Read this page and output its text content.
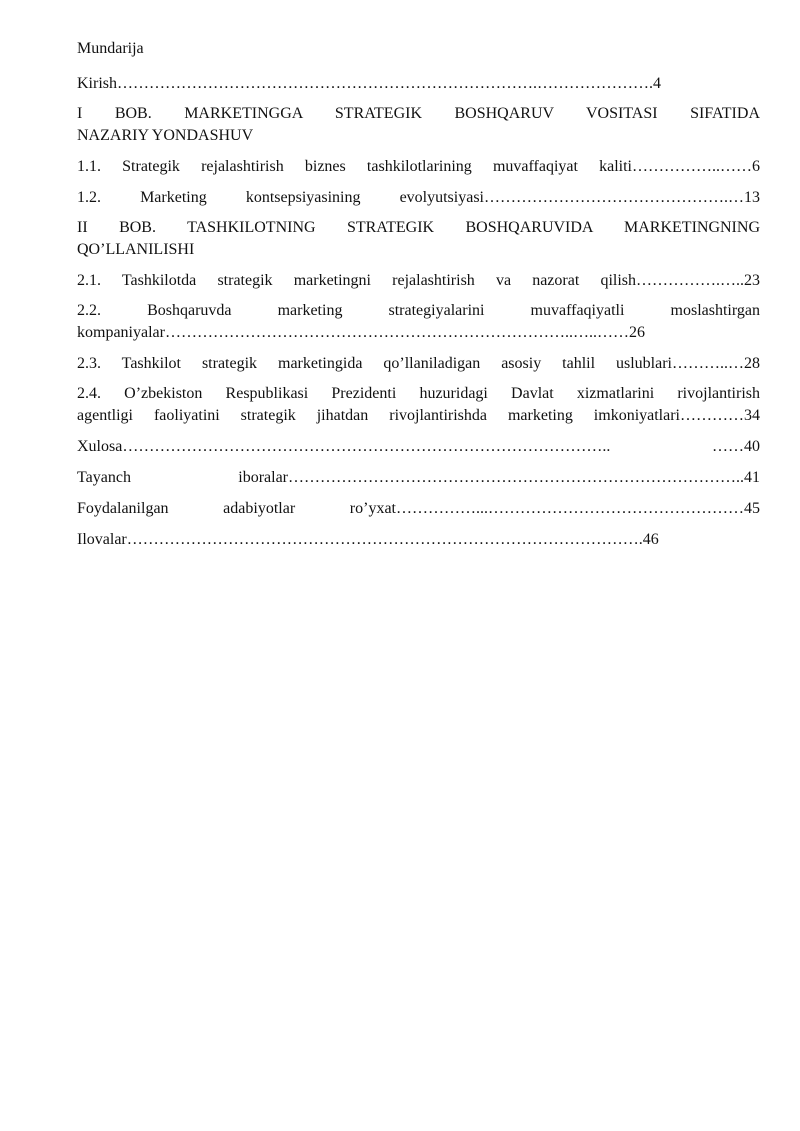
Mundarija
Kirish…………………………………………………………………….………………….4
I BOB. MARKETINGGA STRATEGIK BOSHQARUV VOSITASI SIFATIDA
NAZARIY YONDASHUV
1.1. Strategik rejalashtirish biznes tashkilotlarining muvaffaqiyat kaliti……………..……6
1.2. Marketing kontsepsiyasining evolyutsiyasi……………………………………….…13
II BOB. TASHKILOTNING STRATEGIK BOSHQARUVIDA MARKETINGNING
QO’LLANILISHI
2.1. Tashkilotda strategik marketingni rejalashtirish va nazorat qilish…………….…..23
2.2. Boshqaruvda marketing strategiyalarini muvaffaqiyatli moslashtirgan
kompaniyalar…………………………………………………………………..…..……26
2.3. Tashkilot strategik marketingida qo’llaniladigan asosiy tahlil uslublari………..…28
2.4. O’zbekiston Respublikasi Prezidenti huzuridagi Davlat xizmatlarini rivojlantirish
agentligi faoliyatini strategik jihatdan rivojlantirishda marketing imkoniyatlari…………34
Xulosa……………………………………………………………………………….. ……40
Tayanch iboralar…………………………………………………………………………..41
Foydalanilgan adabiyotlar ro’yxat……………...…………………………………………45
Ilovalar…………………………………………………………………………………….46
